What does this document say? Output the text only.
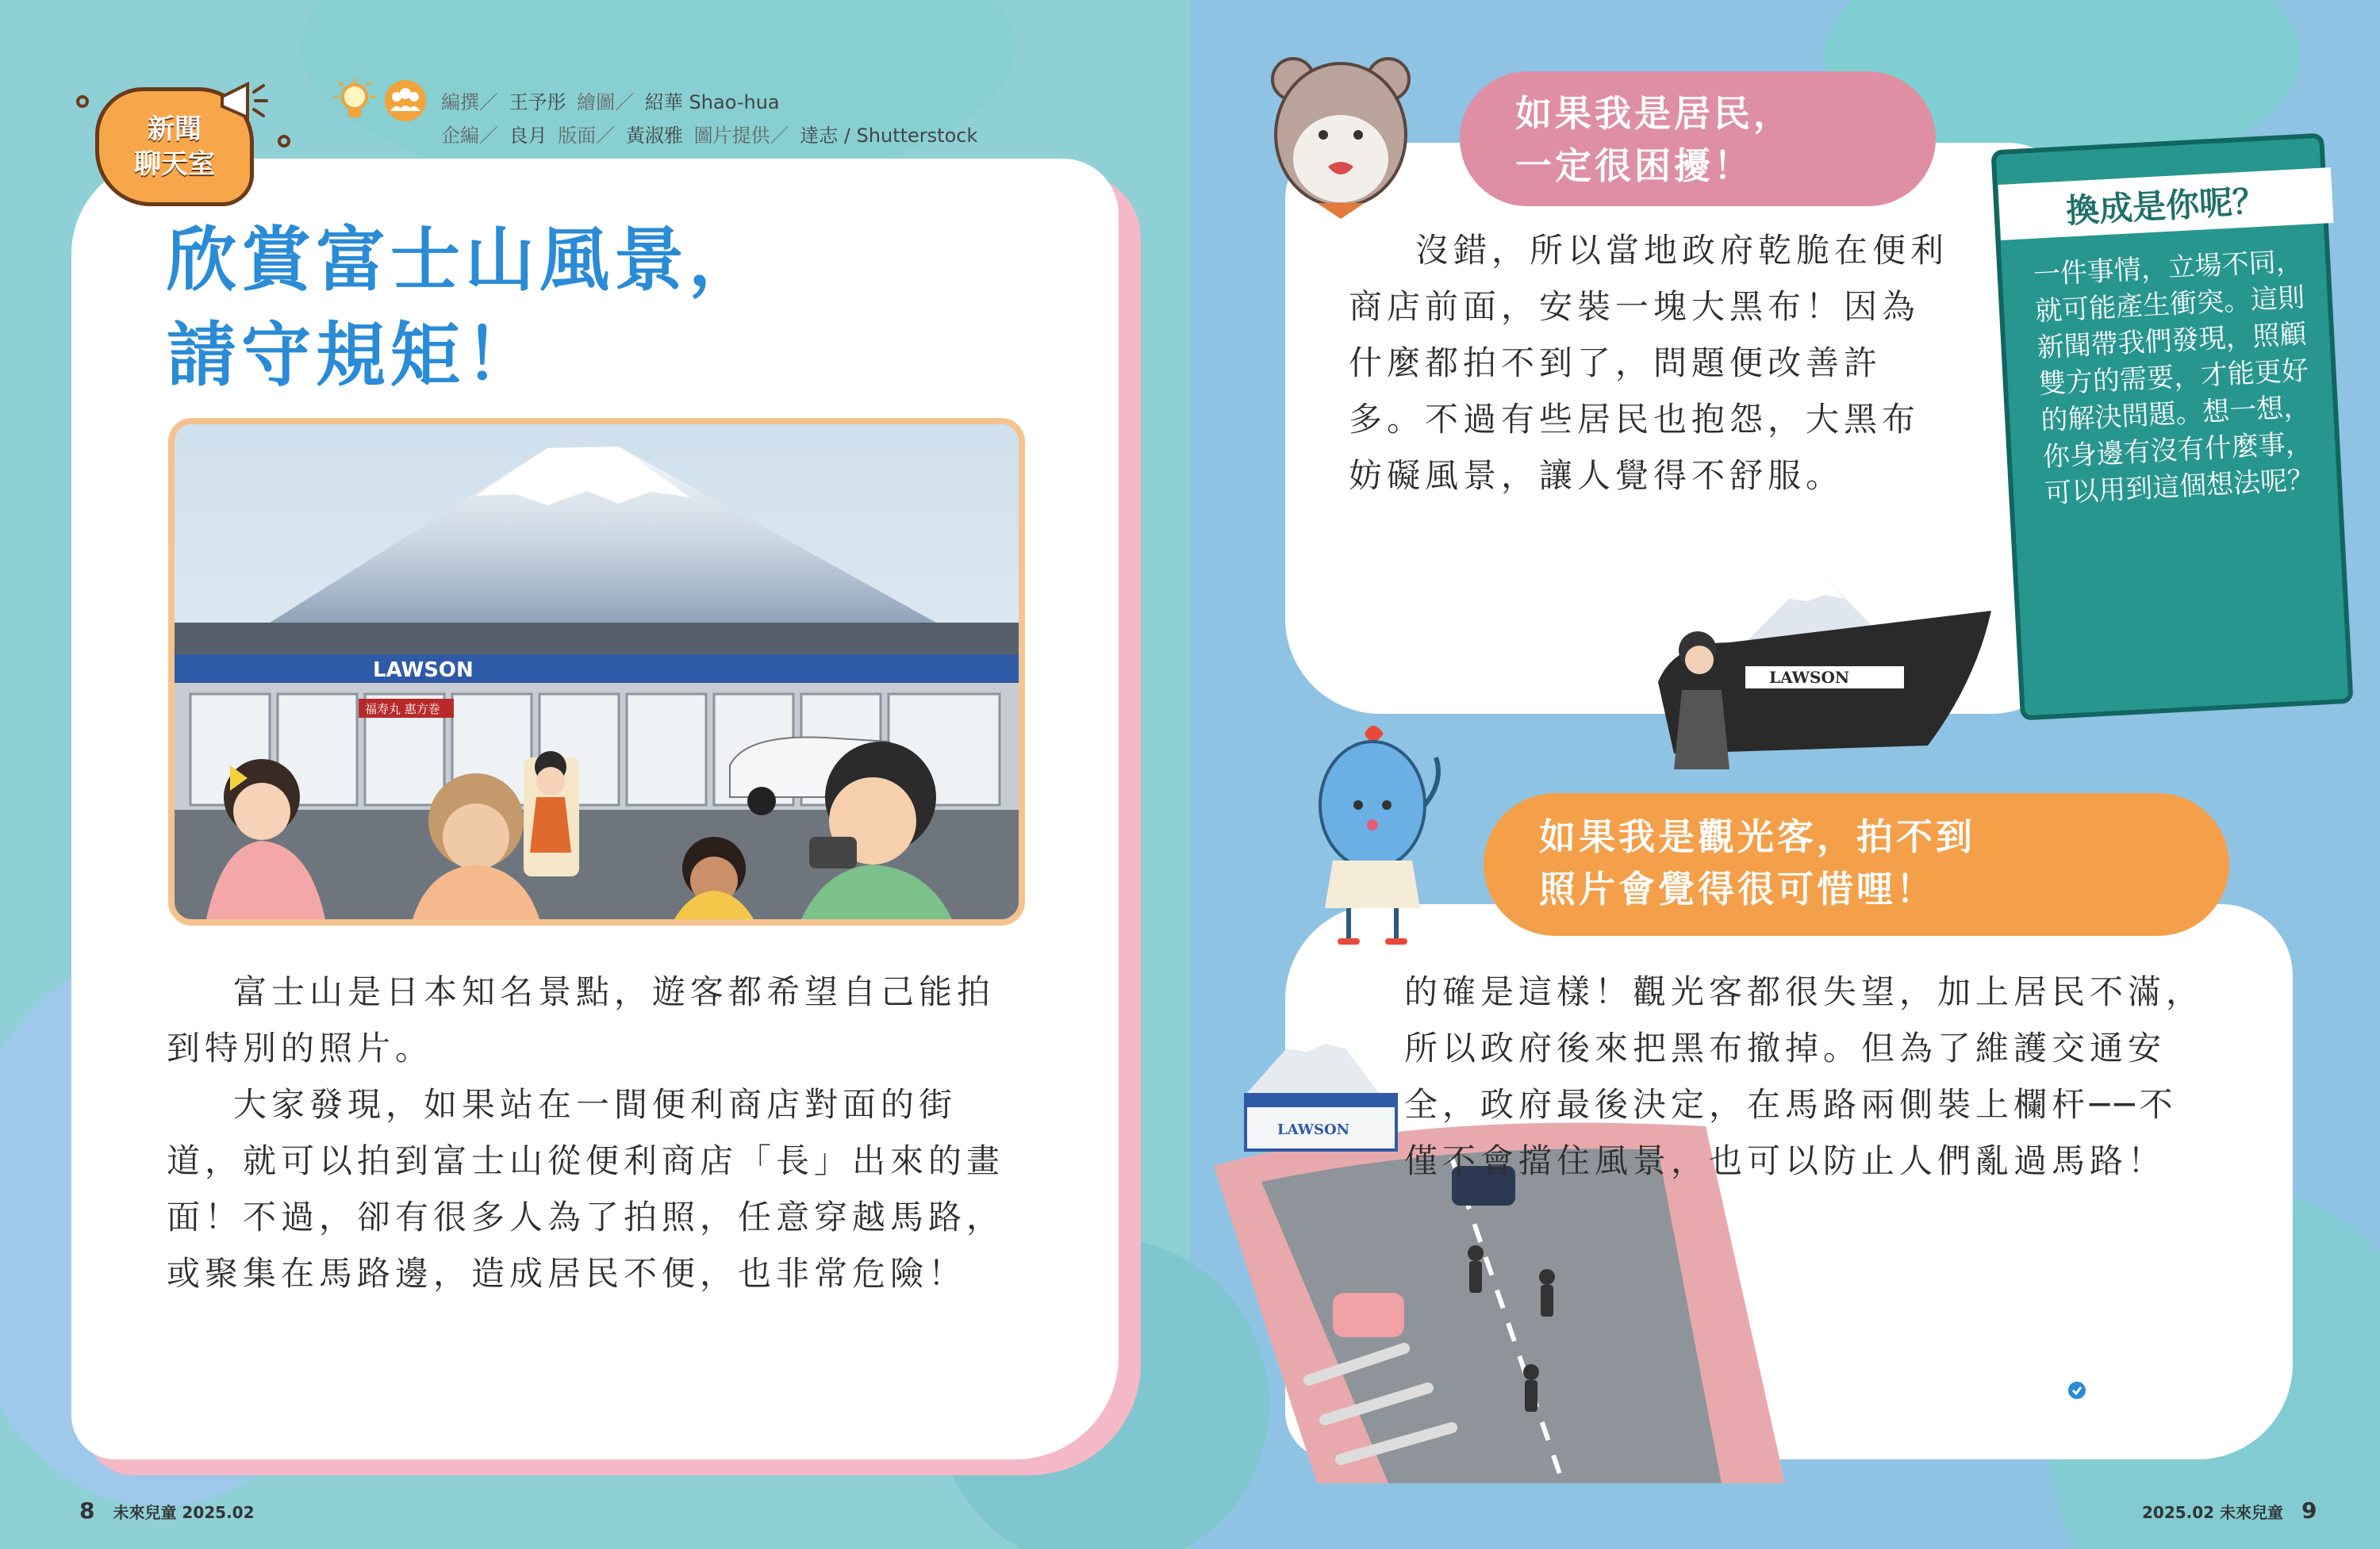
新聞
聊天室
編撰／ 王予彤 繪圖／ 紹華 Shao-hua
企編／ 良月 版面／ 黃淑雅 圖片提供／ 達志 / Shutterstock
欣賞富士山風景，
請守規矩！
LAWSON
福寿丸 惠方巻

富士山是日本知名景點，遊客都希望自己能拍到特別的照片。

大家發現，如果站在一間便利商店對面的街道，就可以拍到富士山從便利商店「長」出來的畫面！不過，卻有很多人為了拍照，任意穿越馬路，或聚集在馬路邊，造成居民不便，也非常危險！

如果我是居民，
一定很困擾！

沒錯，所以當地政府乾脆在便利商店前面，安裝一塊大黑布！因為什麼都拍不到了，問題便改善許多。不過有些居民也抱怨，大黑布妨礙風景，讓人覺得不舒服。

LAWSON
換成是你呢？
一件事情，立場不同，就可能產生衝突。這則新聞帶我們發現，照顧雙方的需要，才能更好的解決問題。想一想，你身邊有沒有什麼事，可以用到這個想法呢？
如果我是觀光客，拍不到
照片會覺得很可惜哩！
LAWSON

的確是這樣！觀光客都很失望，加上居民不滿，所以政府後來把黑布撤掉。但為了維護交通安全，政府最後決定，在馬路兩側裝上欄杆──不僅不會擋住風景，也可以防止人們亂過馬路！

8 未來兒童 2025.02	2025.02 未來兒童 9
